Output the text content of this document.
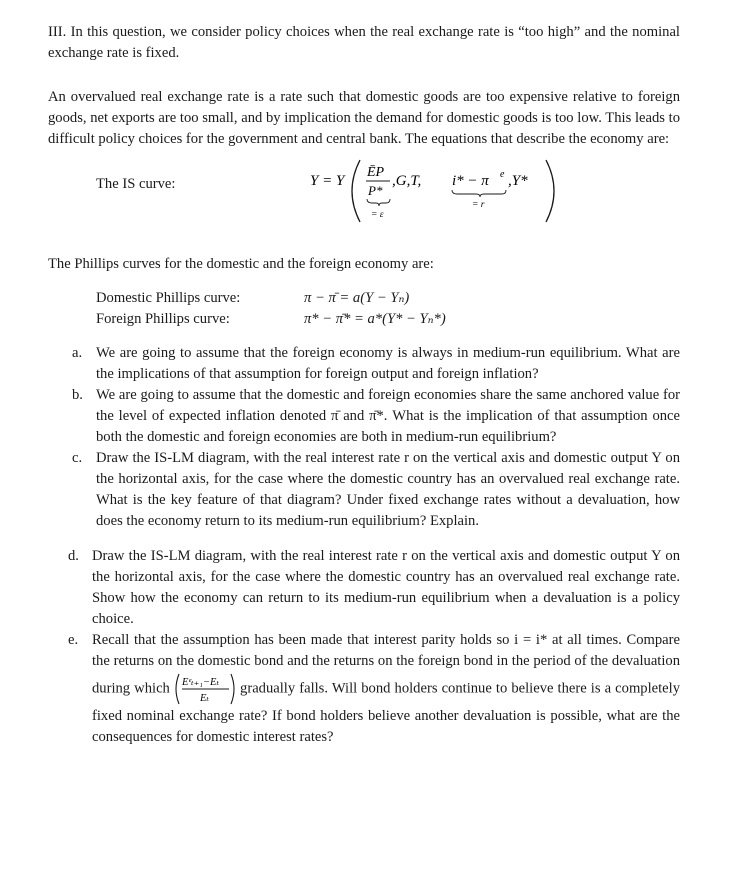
III. In this question, we consider policy choices when the real exchange rate is “too high” and the nominal exchange rate is fixed.

An overvalued real exchange rate is a rate such that domestic goods are too expensive relative to foreign goods, net exports are too small, and by implication the demand for domestic goods is too low. This leads to difficult policy choices for the government and central bank. The equations that describe the economy are:

The IS curve:	Y = Y
ĒP
P*
= ε
,G,T, i* − π e
= r
,Y*

The Phillips curves for the domestic and the foreign economy are:

Domestic Phillips curve:	π − π̄ = a(Y − Yₙ)
Foreign Phillips curve:	π* − π̄* = a*(Y* − Yₙ*)
a. We are going to assume that the foreign economy is always in medium-run equilibrium. What are the implications of that assumption for foreign output and foreign inflation?
b. We are going to assume that the domestic and foreign economies share the same anchored value for the level of expected inflation denoted π̄ and π̄*. What is the implication of that assumption once both the domestic and foreign economies are both in medium-run equilibrium?
c. Draw the IS-LM diagram, with the real interest rate r on the vertical axis and domestic output Y on the horizontal axis, for the case where the domestic country has an overvalued real exchange rate. What is the key feature of that diagram? Under fixed exchange rates without a devaluation, how does the economy return to its medium-run equilibrium? Explain.
d. Draw the IS-LM diagram, with the real interest rate r on the vertical axis and domestic output Y on the horizontal axis, for the case where the domestic country has an overvalued real exchange rate. Show how the economy can return to its medium-run equilibrium when a devaluation is a policy choice.
e. Recall that the assumption has been made that interest parity holds so i = i* at all times. Compare the returns on the domestic bond and the returns on the foreign bond in the period of the devaluation during which Eᵉₜ₊₁−Eₜ
Eₜ
gradually falls. Will bond holders continue to believe there is a completely fixed nominal exchange rate? If bond holders believe another devaluation is possible, what are the consequences for domestic interest rates?
